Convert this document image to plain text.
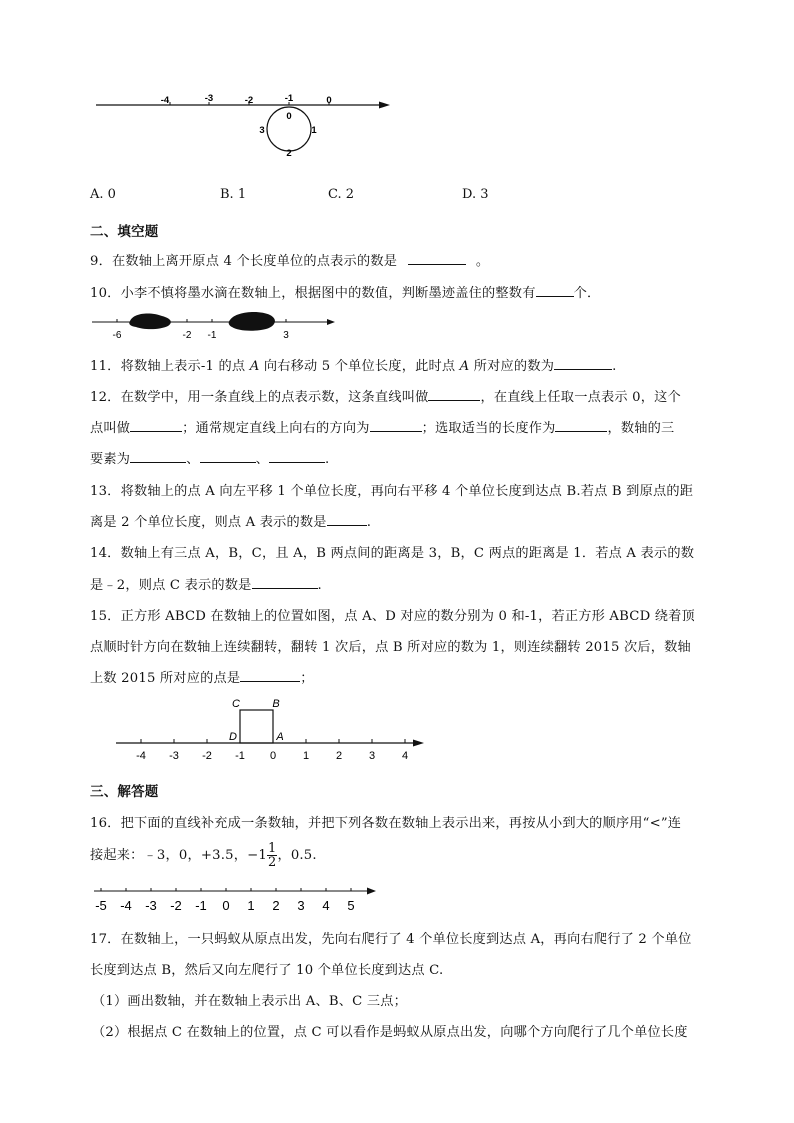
-4	-3	-2	-1	0
0
1
2
3
A. 0	B. 1	C. 2	D. 3
二、填空题
9．在数轴上离开原点 4 个长度单位的点表示的数是	。
10．小李不慎将墨水滴在数轴上，根据图中的数值，判断墨迹盖住的整数有	个．
-6	-2 -1	3
11．将数轴上表示-1 的点 A 向右移动 5 个单位长度，此时点 A 所对应的数为	.
12．在数学中，用一条直线上的点表示数，这条直线叫做	，在直线上任取一点表示 0，这个
点叫做	；通常规定直线上向右的方向为	；选取适当的长度作为	，数轴的三
要素为	、	、	.
13．将数轴上的点 A 向左平移 1 个单位长度，再向右平移 4 个单位长度到达点 B.若点 B 到原点的距
离是 2 个单位长度，则点 A 表示的数是	.
14．数轴上有三点 A，B，C，且 A，B 两点间的距离是 3，B，C 两点的距离是 1．若点 A 表示的数
是﹣2，则点 C 表示的数是	.
15．正方形 ABCD 在数轴上的位置如图，点 A、D 对应的数分别为 0 和-1，若正方形 ABCD 绕着顶
点顺时针方向在数轴上连续翻转，翻转 1 次后，点 B 所对应的数为 1，则连续翻转 2015 次后，数轴
上数 2015 所对应的点是	；
C	B
D	A
-4 -3 -2 -1 0 1 2 3 4
三、解答题
16．把下面的直线补充成一条数轴，并把下列各数在数轴上表示出来，再按从小到大的顺序用“<”连
接起来：﹣3，0，+3.5，$-1 \frac{1}{2}$ ，0.5.
-5 -4 -3 -2 -1 0 1 2 3 4 5
17．在数轴上，一只蚂蚁从原点出发，先向右爬行了 4 个单位长度到达点 A，再向右爬行了 2 个单位
长度到达点 B，然后又向左爬行了 10 个单位长度到达点 C.
（1）画出数轴，并在数轴上表示出 A、B、C 三点；
（2）根据点 C 在数轴上的位置，点 C 可以看作是蚂蚁从原点出发，向哪个方向爬行了几个单位长度
